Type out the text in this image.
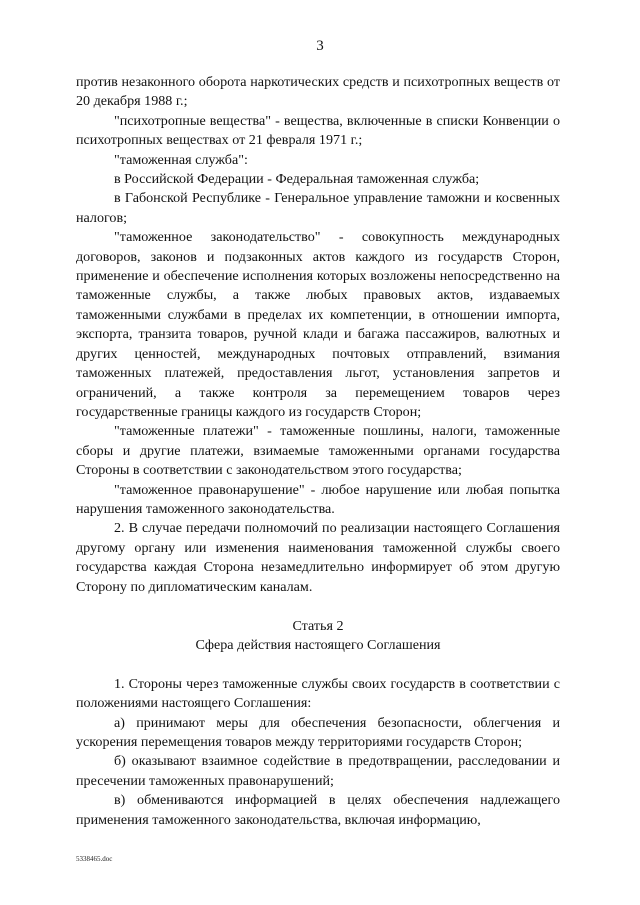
3

против незаконного оборота наркотических средств и психотропных веществ от 20 декабря 1988 г.;

"психотропные вещества" - вещества, включенные в списки Конвенции о психотропных веществах от 21 февраля 1971 г.;

"таможенная служба":

в Российской Федерации - Федеральная таможенная служба;

в Габонской Республике - Генеральное управление таможни и косвенных налогов;

"таможенное законодательство" - совокупность международных договоров, законов и подзаконных актов каждого из государств Сторон, применение и обеспечение исполнения которых возложены непосредственно на таможенные службы, а также любых правовых актов, издаваемых таможенными службами в пределах их компетенции, в отношении импорта, экспорта, транзита товаров, ручной клади и багажа пассажиров, валютных и других ценностей, международных почтовых отправлений, взимания таможенных платежей, предоставления льгот, установления запретов и ограничений, а также контроля за перемещением товаров через государственные границы каждого из государств Сторон;

"таможенные платежи" - таможенные пошлины, налоги, таможенные сборы и другие платежи, взимаемые таможенными органами государства Стороны в соответствии с законодательством этого государства;

"таможенное правонарушение" - любое нарушение или любая попытка нарушения таможенного законодательства.

2. В случае передачи полномочий по реализации настоящего Соглашения другому органу или изменения наименования таможенной службы своего государства каждая Сторона незамедлительно информирует об этом другую Сторону по дипломатическим каналам.

Статья 2

Сфера действия настоящего Соглашения

1. Стороны через таможенные службы своих государств в соответствии с положениями настоящего Соглашения:

а) принимают меры для обеспечения безопасности, облегчения и ускорения перемещения товаров между территориями государств Сторон;

б) оказывают взаимное содействие в предотвращении, расследовании и пресечении таможенных правонарушений;

в) обмениваются информацией в целях обеспечения надлежащего применения таможенного законодательства, включая информацию,

5338465.doc
